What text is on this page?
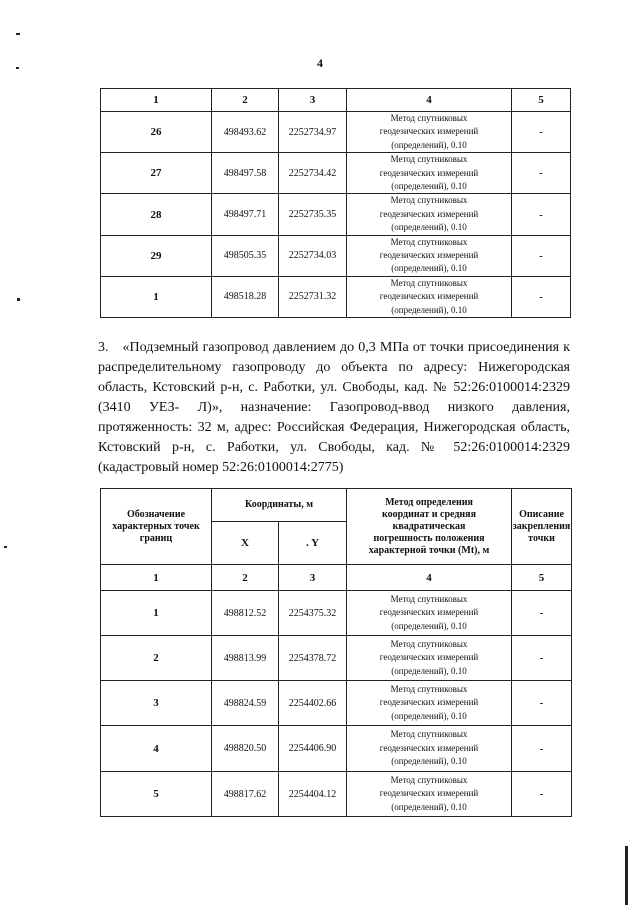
4
1	2	3	4	5
26	498493.62	2252734.97	Метод спутниковых
геодезических измерений
(определений), 0.10	-
27	498497.58	2252734.42	Метод спутниковых
геодезических измерений
(определений), 0.10	-
28	498497.71	2252735.35	Метод спутниковых
геодезических измерений
(определений), 0.10	-
29	498505.35	2252734.03	Метод спутниковых
геодезических измерений
(определений), 0.10	-
1	498518.28	2252731.32	Метод спутниковых
геодезических измерений
(определений), 0.10	-

3. «Подземный газопровод давлением до 0,3 МПа от точки присоединения к распределительному газопроводу до объекта по адресу: Нижегородская область, Кстовский р-н, с. Работки, ул. Свободы, кад. № 52:26:0100014:2329 (3410 УЕЗ- Л)», назначение: Газопровод-ввод низкого давления, протяженность: 32 м, адрес: Российская Федерация, Нижегородская область, Кстовский р-н, с. Работки, ул. Свободы, кад. № 52:26:0100014:2329 (кадастровый номер 52:26:0100014:2775)

Обозначение
характерных точек
границ	Координаты, м		Метод определения
координат и средняя
квадратическая
погрешность положения
характерной точки (Mt), м	Описание
закрепления
точки
	X	. Y		
1	2	3	4	5
1	498812.52	2254375.32	Метод спутниковых
геодезических измерений
(определений), 0.10	-
2	498813.99	2254378.72	Метод спутниковых
геодезических измерений
(определений), 0.10	-
3	498824.59	2254402.66	Метод спутниковых
геодезических измерений
(определений), 0.10	-
4	498820.50	2254406.90	Метод спутниковых
геодезических измерений
(определений), 0.10	-
5	498817.62	2254404.12	Метод спутниковых
геодезических измерений
(определений), 0.10	-
